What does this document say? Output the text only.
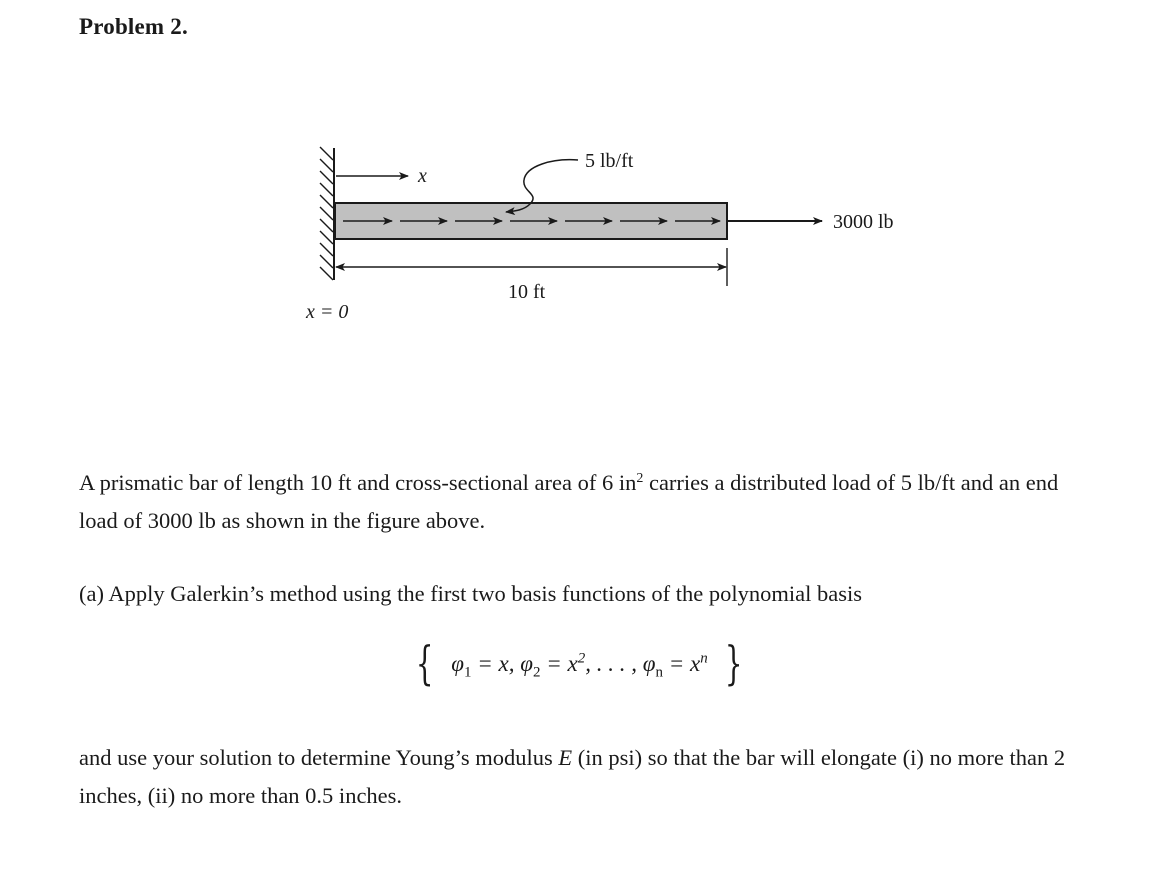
Problem 2.
x
5 lb/ft
3000 lb
10 ft
x = 0

A prismatic bar of length 10 ft and cross-sectional area of 6 $in^2$ carries a distributed load of 5 lb/ft and an end load of 3000 lb as shown in the figure above.

(a) Apply Galerkin’s method using the first two basis functions of the polynomial basis

{ $\varphi_1 = x$, $\varphi_2 = x^2$, . . . , $\varphi_n = x^n$ }

and use your solution to determine Young’s modulus E (in psi) so that the bar will elongate (i) no more than 2 inches, (ii) no more than 0.5 inches.
